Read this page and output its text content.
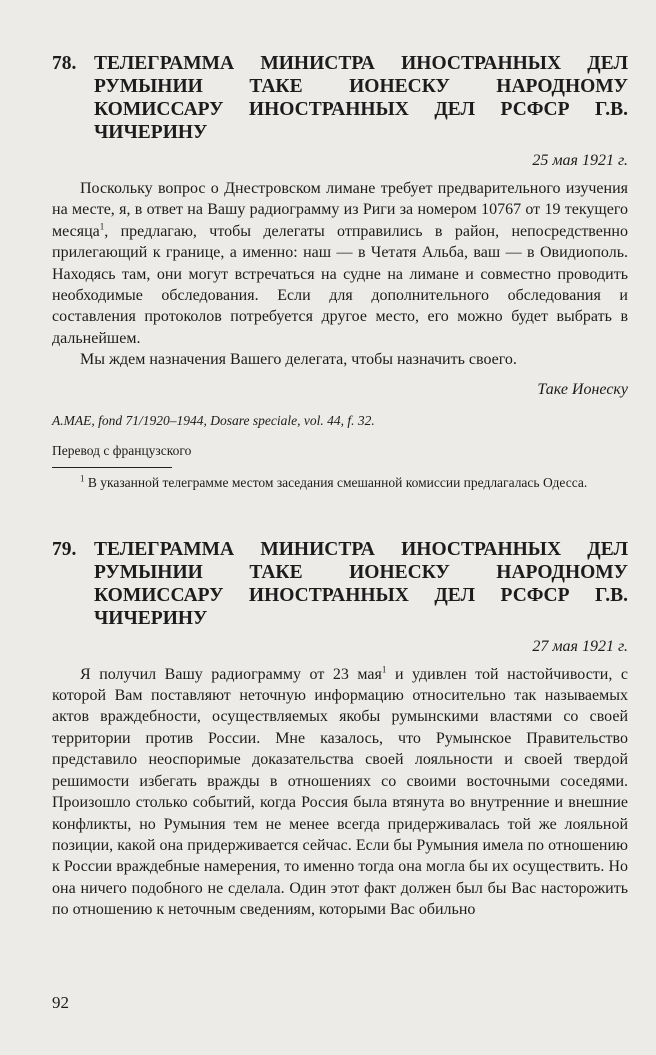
78. ТЕЛЕГРАММА МИНИСТРА ИНОСТРАННЫХ ДЕЛ РУМЫНИИ ТАКЕ ИОНЕСКУ НАРОДНОМУ КОМИССАРУ ИНОСТРАННЫХ ДЕЛ РСФСР Г.В. ЧИЧЕРИНУ
25 мая 1921 г.

Поскольку вопрос о Днестровском лимане требует предварительного изучения на месте, я, в ответ на Вашу радиограмму из Риги за номером 10767 от 19 текущего месяца$^1$, предлагаю, чтобы делегаты отправились в район, непосредственно прилегающий к границе, а именно: наш — в Четатя Альба, ваш — в Овидиополь. Находясь там, они могут встречаться на судне на лимане и совместно проводить необходимые обследования. Если для дополнительного обследования и составления протоколов потребуется другое место, его можно будет выбрать в дальнейшем.

Мы ждем назначения Вашего делегата, чтобы назначить своего.

Таке Ионеску
A.MAE, fond 71/1920–1944, Dosare speciale, vol. 44, f. 32.
Перевод с французского

$^1$ В указанной телеграмме местом заседания смешанной комиссии предлагалась Одесса.

79. ТЕЛЕГРАММА МИНИСТРА ИНОСТРАННЫХ ДЕЛ РУМЫНИИ ТАКЕ ИОНЕСКУ НАРОДНОМУ КОМИССАРУ ИНОСТРАННЫХ ДЕЛ РСФСР Г.В. ЧИЧЕРИНУ
27 мая 1921 г.

Я получил Вашу радиограмму от 23 мая$^1$ и удивлен той настойчивости, с которой Вам поставляют неточную информацию относительно так называемых актов враждебности, осуществляемых якобы румынскими властями со своей территории против России. Мне казалось, что Румынское Правительство представило неоспоримые доказательства своей лояльности и своей твердой решимости избегать вражды в отношениях со своими восточными соседями. Произошло столько событий, когда Россия была втянута во внутренние и внешние конфликты, но Румыния тем не менее всегда придерживалась той же лояльной позиции, какой она придерживается сейчас. Если бы Румыния имела по отношению к России враждебные намерения, то именно тогда она могла бы их осуществить. Но она ничего подобного не сделала. Один этот факт должен был бы Вас насторожить по отношению к неточным сведениям, которыми Вас обильно

92
